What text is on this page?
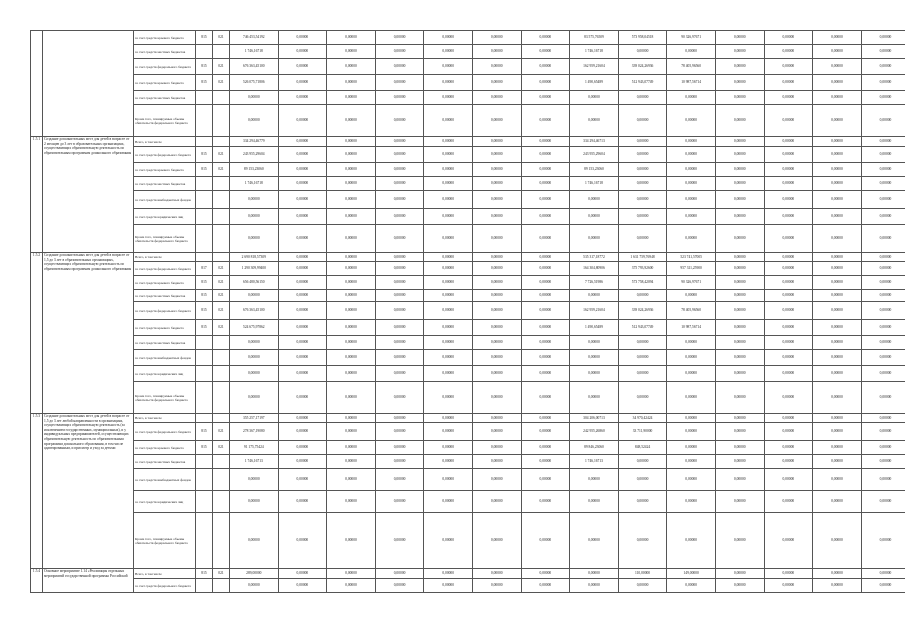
		за счет средств краевого бюджета	815	021	746 453,54192	0,00000	0,00000	0,00000	0,00000	0,00000	0,00000	83 575,76509	573 958,04518	90 326,97671	0,00000	0,00000	0,00000	0,00000
		за счет средств местных бюджетов			1 746,16718	0,00000	0,00000	0,00000	0,00000	0,00000	0,00000	1 746,16718	0,00000	0,00000	0,00000	0,00000	0,00000	0,00000
		за счет средств федерального бюджета	815	021	676 363,45100	0,00000	0,00000	0,00000	0,00000	0,00000	0,00000	162 959,21604	339 024,26936	78 405,96560	0,00000	0,00000	0,00000	0,00000
		за счет средств краевого бюджета	815	021	526 075,71806	0,00000	0,00000	0,00000	0,00000	0,00000	0,00000	1 490,65489	512 943,07749	10 987,56714	0,00000	0,00000	0,00000	0,00000
		за счет средств местных бюджетов			0,00000	0,00000	0,00000	0,00000	0,00000	0,00000	0,00000	0,00000	0,00000	0,00000	0,00000	0,00000	0,00000	0,00000
		Кроме того, планируемые объемы обязательств федерального бюджета			0,00000	0,00000	0,00000	0,00000	0,00000	0,00000	0,00000	0,00000	0,00000	0,00000	0,00000	0,00000	0,00000	0,00000
1.5.1	Создание дополнительных мест для детей в возрасте от 2 месяцев до 3 лет в образовательных организациях, осуществляющих образовательную деятельность по образовательным программам дошкольного образования	Всего, в том числе			334 294,46779	0,00000	0,00000	0,00000	0,00000	0,00000	0,00000	334 294,46713	0,00000	0,00000	0,00000	0,00000	0,00000	0,00000
		за счет средств федерального бюджета	815	021	243 955,29604	0,00000	0,00000	0,00000	0,00000	0,00000	0,00000	243 955,29604	0,00000	0,00000	0,00000	0,00000	0,00000	0,00000
		за счет средств краевого бюджета	815	021	89 153,23060	0,00000	0,00000	0,00000	0,00000	0,00000	0,00000	89 153,23060	0,00000	0,00000	0,00000	0,00000	0,00000	0,00000
		за счет средств местных бюджетов			1 746,16718	0,00000	0,00000	0,00000	0,00000	0,00000	0,00000	1 746,16718	0,00000	0,00000	0,00000	0,00000	0,00000	0,00000
		за счет средств внебюджетных фондов			0,00000	0,00000	0,00000	0,00000	0,00000	0,00000	0,00000	0,00000	0,00000	0,00000	0,00000	0,00000	0,00000	0,00000
		за счет средств юридических лиц			0,00000	0,00000	0,00000	0,00000	0,00000	0,00000	0,00000	0,00000	0,00000	0,00000	0,00000	0,00000	0,00000	0,00000
		Кроме того, планируемые объемы обязательств федерального бюджета			0,00000	0,00000	0,00000	0,00000	0,00000	0,00000	0,00000	0,00000	0,00000	0,00000	0,00000	0,00000	0,00000	0,00000
1.5.2	Создание дополнительных мест для детей в возрасте от 1,5 до 3 лет в образовательных организациях, осуществляющих образовательную деятельность по образовательным программам дошкольного образования	Всего, в том числе			2 690 818,57309	0,00000	0,00000	0,00000	0,00000	0,00000	0,00000	535 317,18772	1 631 759,76948	523 741,57005	0,00000	0,00000	0,00000	0,00000
		за счет средств федерального бюджета	817	021	1 290 309,99400	0,00000	0,00000	0,00000	0,00000	0,00000	0,00000	164 304,80906	375 793,92600	957 311,25900	0,00000	0,00000	0,00000	0,00000
		за счет средств краевого бюджета	815	021	656 480,56150	0,00000	0,00000	0,00000	0,00000	0,00000	0,00000	7 726,51986	573 758,42094	90 326,97671	0,00000	0,00000	0,00000	0,00000
		за счет средств местных бюджетов	815	021	0,00000	0,00000	0,00000	0,00000	0,00000	0,00000	0,00000	0,00000	0,00000	0,00000	0,00000	0,00000	0,00000	0,00000
		за счет средств федерального бюджета	815	021	676 363,45100	0,00000	0,00000	0,00000	0,00000	0,00000	0,00000	162 959,21604	339 024,26936	78 405,96560	0,00000	0,00000	0,00000	0,00000
		за счет средств краевого бюджета	815	021	524 675,97862	0,00000	0,00000	0,00000	0,00000	0,00000	0,00000	1 490,65489	512 943,07749	10 987,56714	0,00000	0,00000	0,00000	0,00000
		за счет средств местных бюджетов			0,00000	0,00000	0,00000	0,00000	0,00000	0,00000	0,00000	0,00000	0,00000	0,00000	0,00000	0,00000	0,00000	0,00000
		за счет средств внебюджетных фондов			0,00000	0,00000	0,00000	0,00000	0,00000	0,00000	0,00000	0,00000	0,00000	0,00000	0,00000	0,00000	0,00000	0,00000
		за счет средств юридических лиц			0,00000	0,00000	0,00000	0,00000	0,00000	0,00000	0,00000	0,00000	0,00000	0,00000	0,00000	0,00000	0,00000	0,00000
		Кроме того, планируемые объемы обязательств федерального бюджета			0,00000	0,00000	0,00000	0,00000	0,00000	0,00000	0,00000	0,00000	0,00000	0,00000	0,00000	0,00000	0,00000	0,00000
1.5.3	Создание дополнительных мест для детей в возрасте от 1,5 до 3 лет любой направленности в организациях, осуществляющих образовательную деятельность (за исключением государственных, муниципальных), и у индивидуальных предпринимателей, осуществляющих образовательную деятельность по образовательным программам дошкольного образования, в том числе адаптированным, и присмотр и уход за детьми	Всего, в том числе			355 257,17197	0,00000	0,00000	0,00000	0,00000	0,00000	0,00000	304 206,00713	34 970,42424	0,00000	0,00000	0,00000	0,00000	0,00000
		за счет средств федерального бюджета	815	021	278 367,19080	0,00000	0,00000	0,00000	0,00000	0,00000	0,00000	242 955,26860	33 711,90000	0,00000	0,00000	0,00000	0,00000	0,00000
		за счет средств краевого бюджета	815	021	91 175,75424	0,00000	0,00000	0,00000	0,00000	0,00000	0,00000	89 846,23060	848,52424	0,00000	0,00000	0,00000	0,00000	0,00000
		за счет средств местных бюджетов			1 746,16713	0,00000	0,00000	0,00000	0,00000	0,00000	0,00000	1 746,16713	0,00000	0,00000	0,00000	0,00000	0,00000	0,00000
		за счет средств внебюджетных фондов			0,00000	0,00000	0,00000	0,00000	0,00000	0,00000	0,00000	0,00000	0,00000	0,00000	0,00000	0,00000	0,00000	0,00000
		за счет средств юридических лиц			0,00000	0,00000	0,00000	0,00000	0,00000	0,00000	0,00000	0,00000	0,00000	0,00000	0,00000	0,00000	0,00000	0,00000
		Кроме того, планируемые объемы обязательств федерального бюджета			0,00000	0,00000	0,00000	0,00000	0,00000	0,00000	0,00000	0,00000	0,00000	0,00000	0,00000	0,00000	0,00000	0,00000
1.5.4	Основное мероприятие 1.14 «Реализация отдельных мероприятий государственной программы Российской	Всего, в том числе	815	021	289,00000	0,00000	0,00000	0,00000	0,00000	0,00000	0,00000	0,00000	110,00000	149,00000	0,00000	0,00000	0,00000	0,00000
		за счет средств федерального бюджета			0,00000	0,00000	0,00000	0,00000	0,00000	0,00000	0,00000	0,00000	0,00000	0,00000	0,00000	0,00000	0,00000	0,00000
